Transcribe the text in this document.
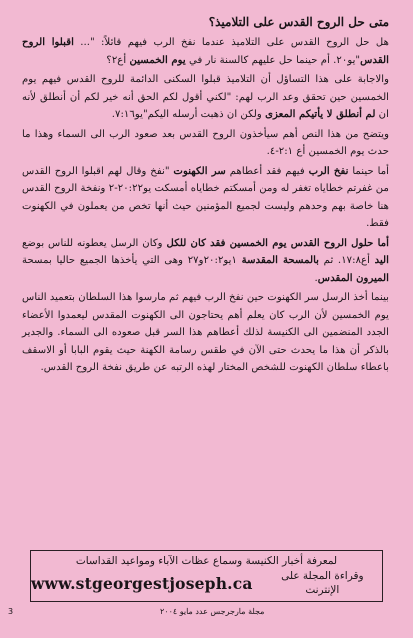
متى حل الروح القدس على التلاميذ؟

هل حل الروح القدس على التلاميذ عندما نفخ الرب فيهم قائلاً: "... اقبلوا الروح القدس"يو٢٠. أم حينما حل عليهم كالسنة نار في يوم الخمسين أع٢؟

والاجابة على هذا التساؤل أن التلاميذ قبلوا السكنى الدائمة للروح القدس فيهم يوم الخمسين حين تحقق وعد الرب لهم: "لكني أقول لكم الحق أنه خير لكم أن أنطلق لأنه ان لم أنطلق لا يأتيكم المعزى ولكن ان ذهبت أرسله اليكم"يو٧:١٦.

ويتضح من هذا النص أهم سيأخذون الروح القدس بعد صعود الرب الى السماء وهذا ما حدث يوم الخمسين أع ٢:١-٤.

أما حينما نفخ الرب فيهم فقد أعطاهم سر الكهنوت "نفخ وقال لهم اقبلوا الروح القدس من غفرتم خطاياه تغفر له ومن أمسكتم خطاياه أمسكت يو٢٠:٢٢-٢ ونفخة الروح القدس هنا خاصة بهم وحدهم وليست لجميع المؤمنين حيث أنها تخص من يعملون في الكهنوت فقط.

أما حلول الروح القدس يوم الخمسين فقد كان للكل وكان الرسل يعطونه للناس بوضع اليد أع١٧:٨. ثم بالمسحة المقدسة ١يو٢٠:٢و٢٧ وهى التي يأخذها الجميع حاليا بمسحة الميرون المقدس.

بينما أخذ الرسل سر الكهنوت حين نفخ الرب فيهم ثم مارسوا هذا السلطان بتعميد الناس يوم الخمسين لأن الرب كان يعلم أهم يحتاجون الى الكهنوت المقدس ليعمدوا الأعضاء الجدد المنضمين الى الكنيسة لذلك أعطاهم هذا السر قبل صعوده الى السماء. والجدير بالذكر أن هذا ما يحدث حتى الآن في طقس رسامة الكهنة حيث يقوم البابا أو الاسقف باعطاء سلطان الكهنوت للشخص المختار لهذه الرتبه عن طريق نفخة الروح القدس.

لمعرفة أخبار الكنيسة وسماع عظات الآباء ومواعيد القداسات
www.stgeorgestjoseph.ca	وقراءة المجلة على الإنترنت
3	مجلة مارجرجس عدد مايو ٢٠٠٤
